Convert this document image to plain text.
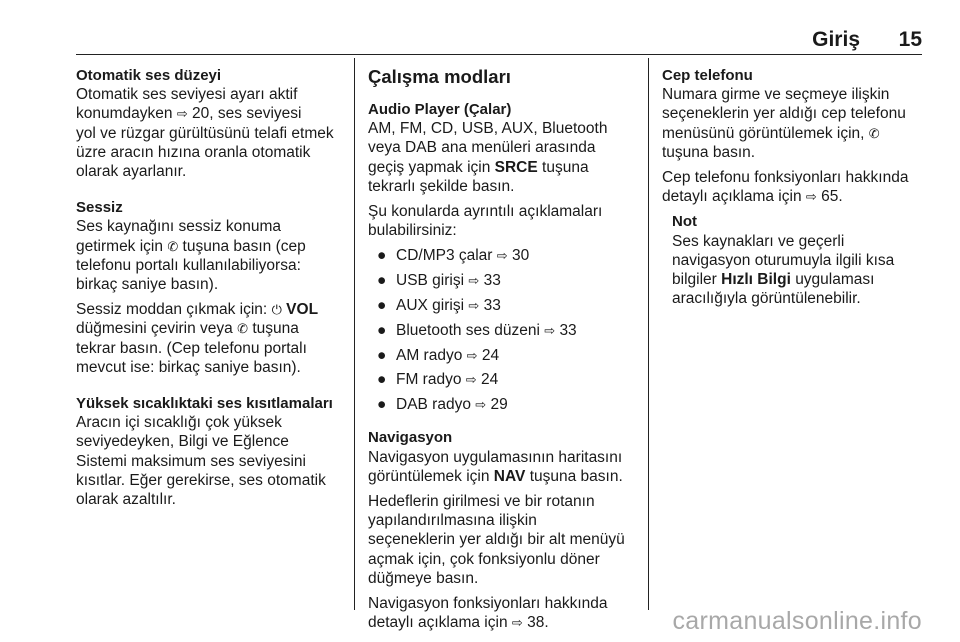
Giriş 15
Otomatik ses düzeyi
Otomatik ses seviyesi ayarı aktif
konumdayken ⇨ 20, ses seviyesi
yol ve rüzgar gürültüsünü telafi etmek
üzre aracın hızına oranla otomatik
olarak ayarlanır.
Sessiz
Ses kaynağını sessiz konuma
getirmek için ✆ tuşuna basın (cep
telefonu portalı kullanılabiliyorsa:
birkaç saniye basın).
Sessiz moddan çıkmak için: ⏻ VOL
düğmesini çevirin veya ✆ tuşuna
tekrar basın. (Cep telefonu portalı
mevcut ise: birkaç saniye basın).
Yüksek sıcaklıktaki ses kısıtlamaları
Aracın içi sıcaklığı çok yüksek
seviyedeyken, Bilgi ve Eğlence
Sistemi maksimum ses seviyesini
kısıtlar. Eğer gerekirse, ses otomatik
olarak azaltılır.
Çalışma modları
Audio Player (Çalar)
AM, FM, CD, USB, AUX, Bluetooth
veya DAB ana menüleri arasında
geçiş yapmak için SRCE tuşuna
tekrarlı şekilde basın.
Şu konularda ayrıntılı açıklamaları
bulabilirsiniz:
● CD/MP3 çalar ⇨ 30
● USB girişi ⇨ 33
● AUX girişi ⇨ 33
● Bluetooth ses düzeni ⇨ 33
● AM radyo ⇨ 24
● FM radyo ⇨ 24
● DAB radyo ⇨ 29
Navigasyon
Navigasyon uygulamasının haritasını
görüntülemek için NAV tuşuna basın.
Hedeflerin girilmesi ve bir rotanın
yapılandırılmasına ilişkin
seçeneklerin yer aldığı bir alt menüyü
açmak için, çok fonksiyonlu döner
düğmeye basın.
Navigasyon fonksiyonları hakkında
detaylı açıklama için ⇨ 38.
Cep telefonu
Numara girme ve seçmeye ilişkin
seçeneklerin yer aldığı cep telefonu
menüsünü görüntülemek için, ✆
tuşuna basın.
Cep telefonu fonksiyonları hakkında
detaylı açıklama için ⇨ 65.
Not
Ses kaynakları ve geçerli
navigasyon oturumuyla ilgili kısa
bilgiler Hızlı Bilgi uygulaması
aracılığıyla görüntülenebilir.
carmanualsonline.info
